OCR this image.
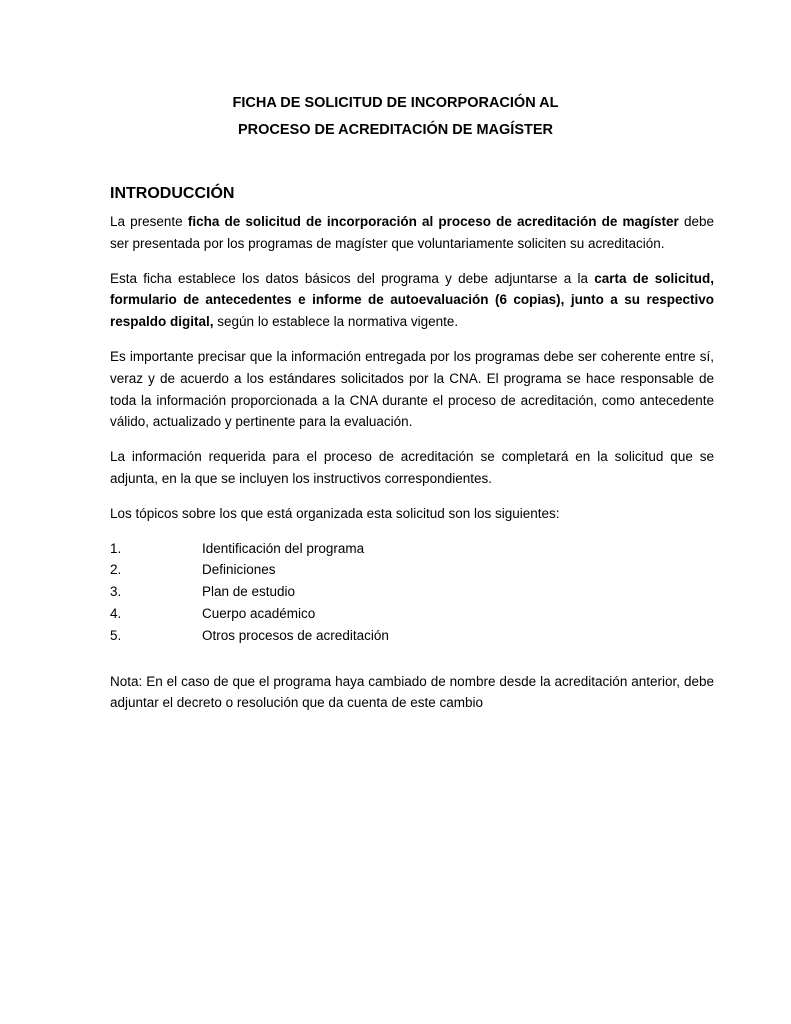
FICHA DE SOLICITUD DE INCORPORACIÓN AL
PROCESO DE ACREDITACIÓN DE MAGÍSTER
INTRODUCCIÓN

La presente ficha de solicitud de incorporación al proceso de acreditación de magíster debe ser presentada por los programas de magíster que voluntariamente soliciten su acreditación.

Esta ficha establece los datos básicos del programa y debe adjuntarse a la carta de solicitud, formulario de antecedentes e informe de autoevaluación (6 copias), junto a su respectivo respaldo digital, según lo establece la normativa vigente.

Es importante precisar que la información entregada por los programas debe ser coherente entre sí, veraz y de acuerdo a los estándares solicitados por la CNA. El programa se hace responsable de toda la información proporcionada a la CNA durante el proceso de acreditación, como antecedente válido, actualizado y pertinente para la evaluación.

La información requerida para el proceso de acreditación se completará en la solicitud que se adjunta, en la que se incluyen los instructivos correspondientes.

Los tópicos sobre los que está organizada esta solicitud son los siguientes:

1.	Identificación del programa
2.	Definiciones
3.	Plan de estudio
4.	Cuerpo académico
5.	Otros procesos de acreditación

Nota: En el caso de que el programa haya cambiado de nombre desde la acreditación anterior, debe adjuntar el decreto o resolución que da cuenta de este cambio
